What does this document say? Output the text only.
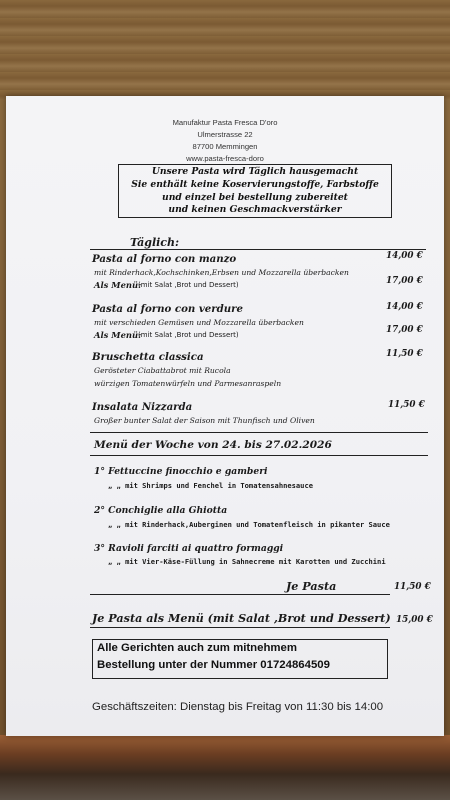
Manufaktur Pasta Fresca D'oro
Ulmerstrasse 22
87700 Memmingen
www.pasta-fresca-doro
Unsere Pasta wird Täglich hausgemacht
Sie enthält keine Koservierungstoffe, Farbstoffe
und einzel bei bestellung zubereitet
und keinen Geschmackverstärker
Täglich:
Pasta al forno con manzo	14,00 €
mit Rinderhack,Kochschinken,Erbsen und Mozzarella überbacken
Als Menü:
(mit Salat ,Brot und Dessert)	17,00 €
Pasta al forno con verdure	14,00 €
mit verschieden Gemüsen und Mozzarella überbacken
Als Menü:
(mit Salat ,Brot und Dessert)	17,00 €
Bruschetta classica	11,50 €
Gerösteter Ciabattabrot mit Rucola
würzigen Tomatenwürfeln und Parmesanraspeln
Insalata Nizzarda	11,50 €
Großer bunter Salat der Saison mit Thunfisch und Oliven
Menü der Woche von 24. bis 27.02.2026
1° Fettuccine finocchio e gamberi
„ „ mit Shrimps und Fenchel in Tomatensahnesauce
2° Conchiglie alla Ghiotta
„ „ mit Rinderhack,Auberginen und Tomatenfleisch in pikanter Sauce
3° Ravioli farciti ai quattro formaggi
„ „ mit Vier-Käse-Füllung in Sahnecreme mit Karotten und Zucchini
Je Pasta	11,50 €
Je Pasta als Menü (mit Salat ,Brot und Dessert) 15,00 €
Alle Gerichten auch zum mitnehmem
Bestellung unter der Nummer 01724864509
Geschäftszeiten: Dienstag bis Freitag von 11:30 bis 14:00
